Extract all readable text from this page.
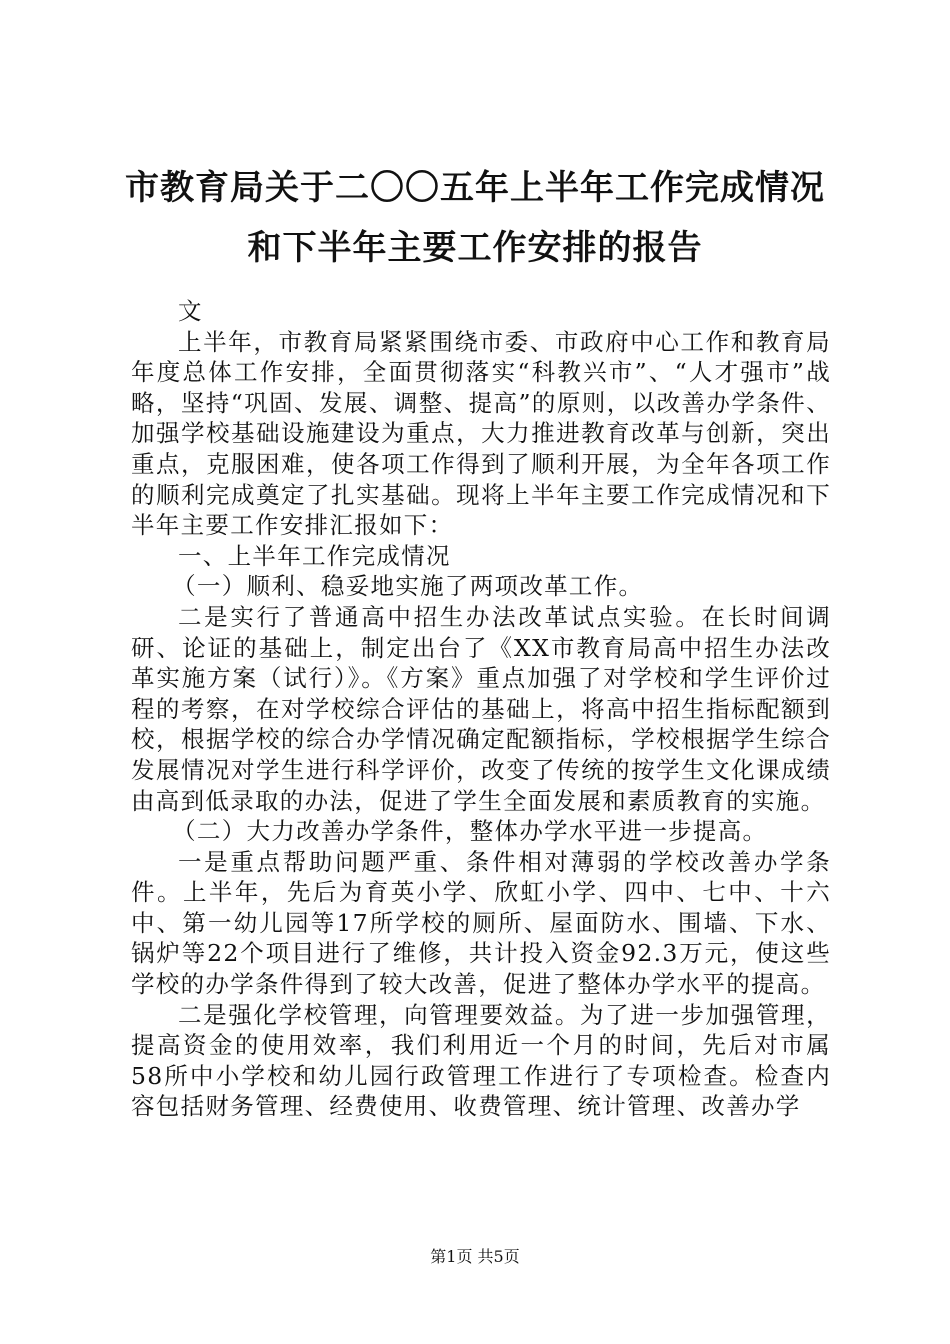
市教育局关于二〇〇五年上半年工作完成情况
和下半年主要工作安排的报告

文

上半年，市教育局紧紧围绕市委、市政府中心工作和教育局年度总体工作安排，全面贯彻落实“科教兴市”、“人才强市”战略，坚持“巩固、发展、调整、提高”的原则，以改善办学条件、加强学校基础设施建设为重点，大力推进教育改革与创新，突出重点，克服困难，使各项工作得到了顺利开展，为全年各项工作的顺利完成奠定了扎实基础。现将上半年主要工作完成情况和下半年主要工作安排汇报如下：

一、上半年工作完成情况

（一）顺利、稳妥地实施了两项改革工作。

二是实行了普通高中招生办法改革试点实验。在长时间调研、论证的基础上，制定出台了《XX市教育局高中招生办法改革实施方案（试行）》。《方案》重点加强了对学校和学生评价过程的考察，在对学校综合评估的基础上，将高中招生指标配额到校，根据学校的综合办学情况确定配额指标，学校根据学生综合发展情况对学生进行科学评价，改变了传统的按学生文化课成绩由高到低录取的办法，促进了学生全面发展和素质教育的实施。

（二）大力改善办学条件，整体办学水平进一步提高。

一是重点帮助问题严重、条件相对薄弱的学校改善办学条件。上半年，先后为育英小学、欣虹小学、四中、七中、十六中、第一幼儿园等17所学校的厕所、屋面防水、围墙、下水、锅炉等22个项目进行了维修，共计投入资金92.3万元，使这些学校的办学条件得到了较大改善，促进了整体办学水平的提高。

二是强化学校管理，向管理要效益。为了进一步加强管理，提高资金的使用效率，我们利用近一个月的时间，先后对市属58所中小学校和幼儿园行政管理工作进行了专项检查。检查内容包括财务管理、经费使用、收费管理、统计管理、改善办学

第1页 共5页
